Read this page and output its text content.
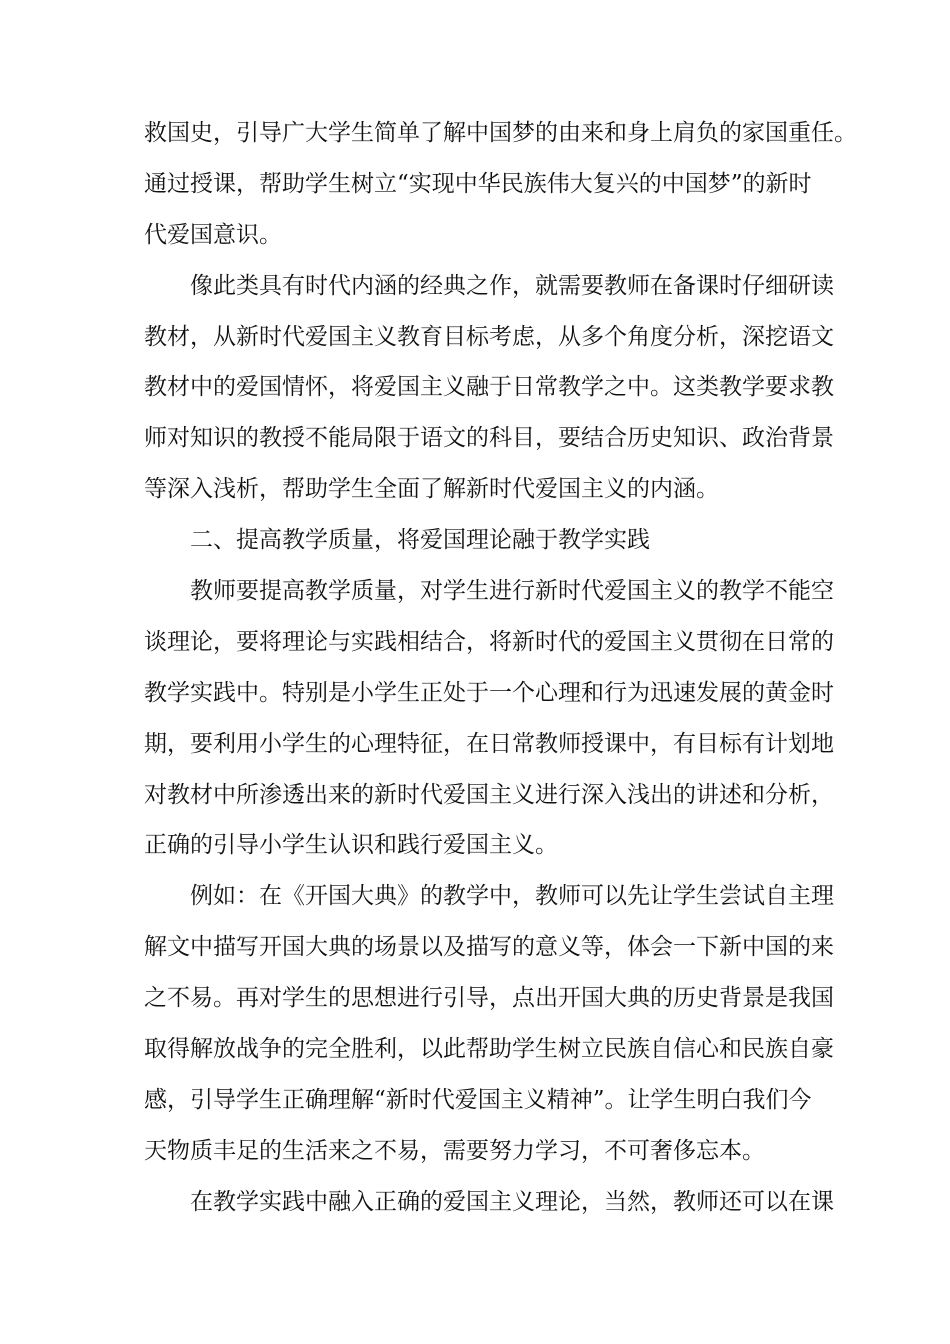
救国史，引导广大学生简单了解中国梦的由来和身上肩负的家国重任。
通过授课，帮助学生树立“实现中华民族伟大复兴的中国梦”的新时
代爱国意识。
像此类具有时代内涵的经典之作，就需要教师在备课时仔细研读
教材，从新时代爱国主义教育目标考虑，从多个角度分析，深挖语文
教材中的爱国情怀，将爱国主义融于日常教学之中。这类教学要求教
师对知识的教授不能局限于语文的科目，要结合历史知识、政治背景
等深入浅析，帮助学生全面了解新时代爱国主义的内涵。
二、提高教学质量，将爱国理论融于教学实践
教师要提高教学质量，对学生进行新时代爱国主义的教学不能空
谈理论，要将理论与实践相结合，将新时代的爱国主义贯彻在日常的
教学实践中。特别是小学生正处于一个心理和行为迅速发展的黄金时
期，要利用小学生的心理特征，在日常教师授课中，有目标有计划地
对教材中所渗透出来的新时代爱国主义进行深入浅出的讲述和分析，
正确的引导小学生认识和践行爱国主义。
例如：在《开国大典》的教学中，教师可以先让学生尝试自主理
解文中描写开国大典的场景以及描写的意义等，体会一下新中国的来
之不易。再对学生的思想进行引导，点出开国大典的历史背景是我国
取得解放战争的完全胜利，以此帮助学生树立民族自信心和民族自豪
感，引导学生正确理解“新时代爱国主义精神”。让学生明白我们今
天物质丰足的生活来之不易，需要努力学习，不可奢侈忘本。
在教学实践中融入正确的爱国主义理论，当然，教师还可以在课
